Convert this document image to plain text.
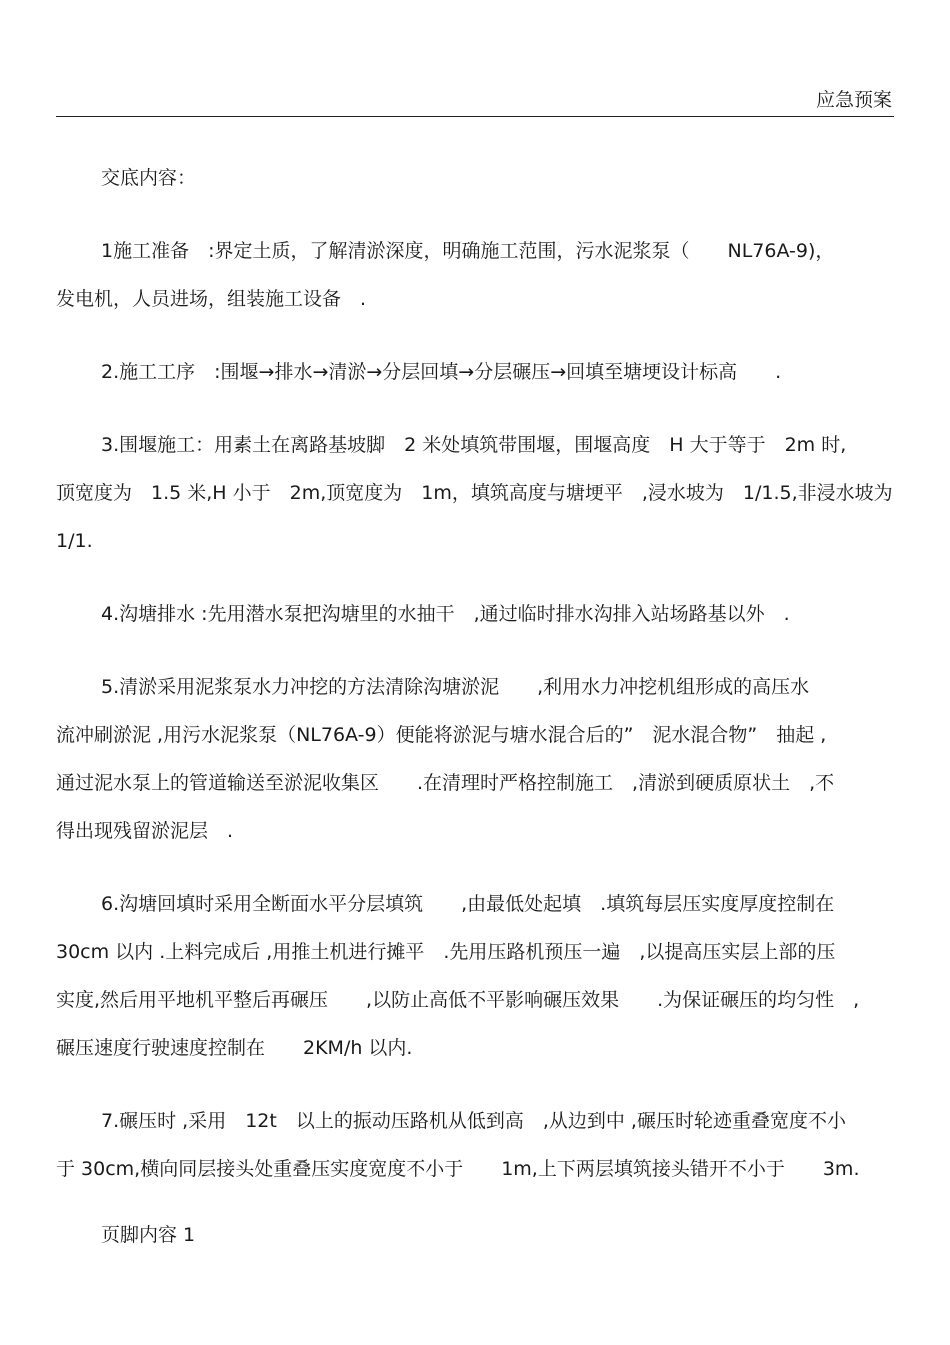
应急预案

交底内容：

1施工准备　:界定土质，了解清淤深度，明确施工范围，污水泥浆泵（　　NL76A-9)，

发电机，人员进场，组装施工设备　.

2.施工工序　:围堰→排水→清淤→分层回填→分层碾压→回填至塘埂设计标高　　.

3.围堰施工：用素土在离路基坡脚　2 米处填筑带围堰，围堰高度　H 大于等于　2m 时,

顶宽度为　1.5 米,H 小于　2m,顶宽度为　1m，填筑高度与塘埂平　,浸水坡为　1/1.5,非浸水坡为

1/1.

4.沟塘排水 :先用潜水泵把沟塘里的水抽干　,通过临时排水沟排入站场路基以外　.

5.清淤采用泥浆泵水力冲挖的方法清除沟塘淤泥　　,利用水力冲挖机组形成的高压水

流冲刷淤泥 ,用污水泥浆泵（NL76A-9）便能将淤泥与塘水混合后的”　泥水混合物”　抽起 ,

通过泥水泵上的管道输送至淤泥收集区　　.在清理时严格控制施工　,清淤到硬质原状土　,不

得出现残留淤泥层　.

6.沟塘回填时采用全断面水平分层填筑　　,由最低处起填　.填筑每层压实度厚度控制在

30cm 以内 .上料完成后 ,用推土机进行摊平　.先用压路机预压一遍　,以提高压实层上部的压

实度,然后用平地机平整后再碾压　　,以防止高低不平影响碾压效果　　.为保证碾压的均匀性　,

碾压速度行驶速度控制在　　2KM/h 以内.

7.碾压时 ,采用　12t　以上的振动压路机从低到高　,从边到中 ,碾压时轮迹重叠宽度不小

于 30cm,横向同层接头处重叠压实度宽度不小于　　1m,上下两层填筑接头错开不小于　　3m.

页脚内容 1
